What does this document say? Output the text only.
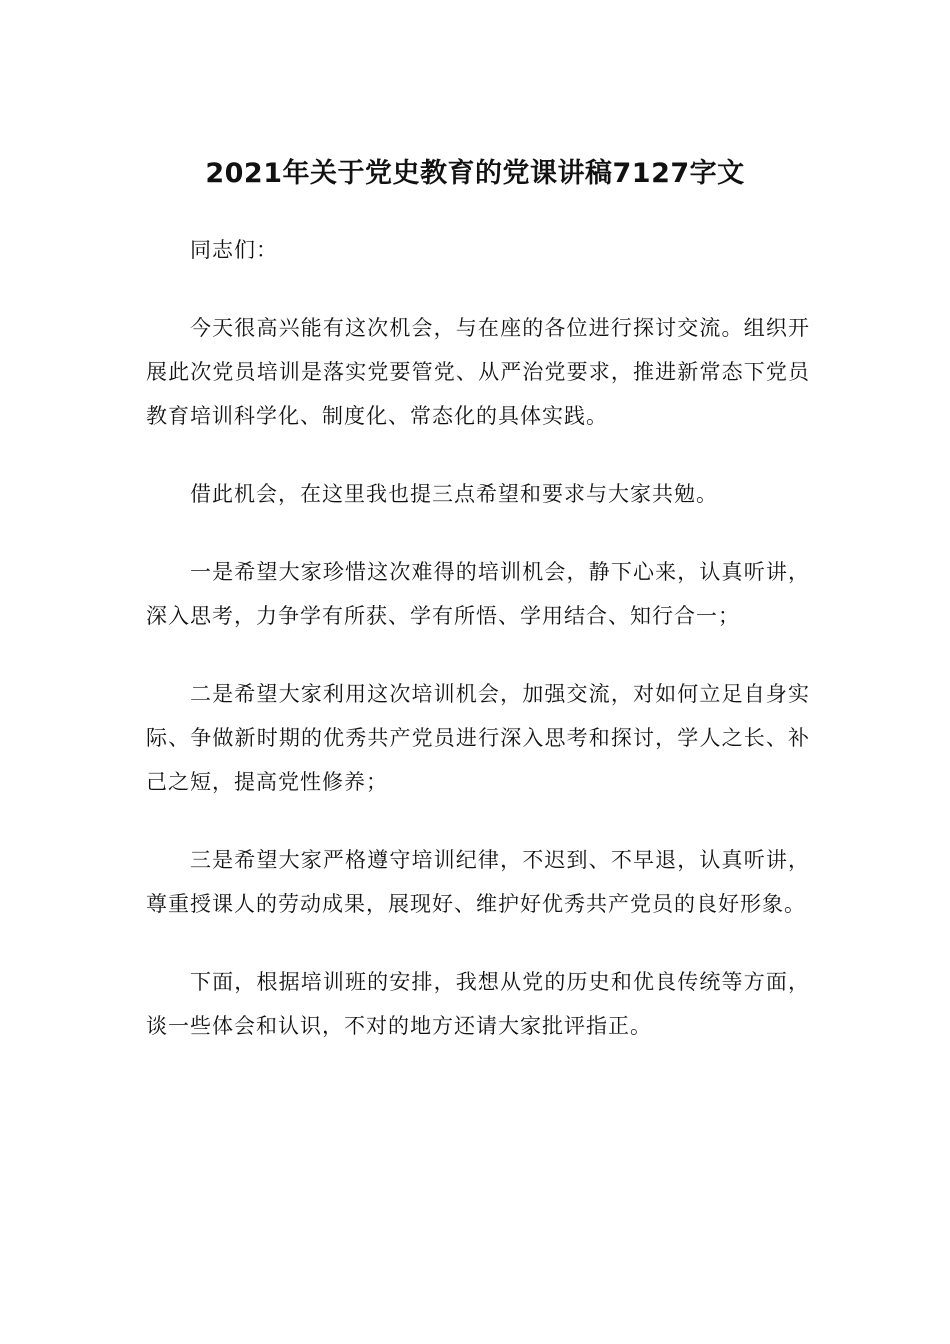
2021年关于党史教育的党课讲稿7127字文

同志们：

今天很高兴能有这次机会，与在座的各位进行探讨交流。组织开展此次党员培训是落实党要管党、从严治党要求，推进新常态下党员教育培训科学化、制度化、常态化的具体实践。

借此机会，在这里我也提三点希望和要求与大家共勉。

一是希望大家珍惜这次难得的培训机会，静下心来，认真听讲，深入思考，力争学有所获、学有所悟、学用结合、知行合一；

二是希望大家利用这次培训机会，加强交流，对如何立足自身实际、争做新时期的优秀共产党员进行深入思考和探讨，学人之长、补己之短，提高党性修养；

三是希望大家严格遵守培训纪律，不迟到、不早退，认真听讲，尊重授课人的劳动成果，展现好、维护好优秀共产党员的良好形象。

下面，根据培训班的安排，我想从党的历史和优良传统等方面，谈一些体会和认识，不对的地方还请大家批评指正。
